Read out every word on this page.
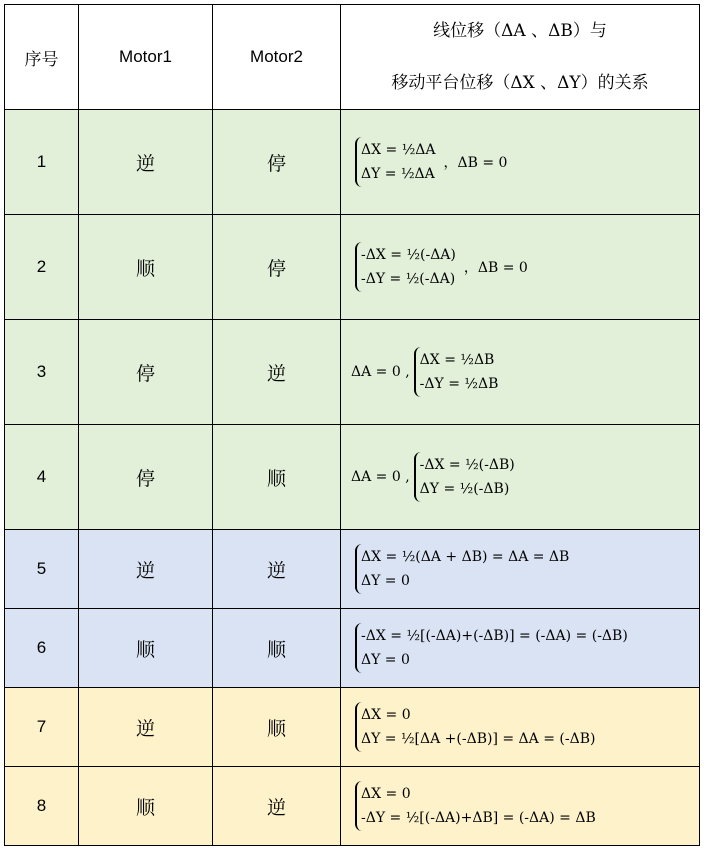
序号	Motor1	Motor2	线位移（ΔA 、ΔB）与
移动平台位移（ΔX 、ΔY）的关系

1	逆	停	ΔX = ½ΔA
ΔY = ½ΔA
，ΔB = 0

2	顺	停	-ΔX = ½(-ΔA)
-ΔY = ½(-ΔA)
，ΔB = 0

3	停	逆	ΔA = 0 ,
ΔX = ½ΔB
-ΔY = ½ΔB

4	停	顺	ΔA = 0 ,
-ΔX = ½(-ΔB)
ΔY = ½(-ΔB)

5	逆	逆	ΔX = ½(ΔA + ΔB) = ΔA = ΔB
ΔY = 0

6	顺	顺	-ΔX = ½[(-ΔA)+(-ΔB)] = (-ΔA) = (-ΔB)
ΔY = 0

7	逆	顺	ΔX = 0
ΔY = ½[ΔA +(-ΔB)] = ΔA = (-ΔB)

8	顺	逆	ΔX = 0
-ΔY = ½[(-ΔA)+ΔB] = (-ΔA) = ΔB
